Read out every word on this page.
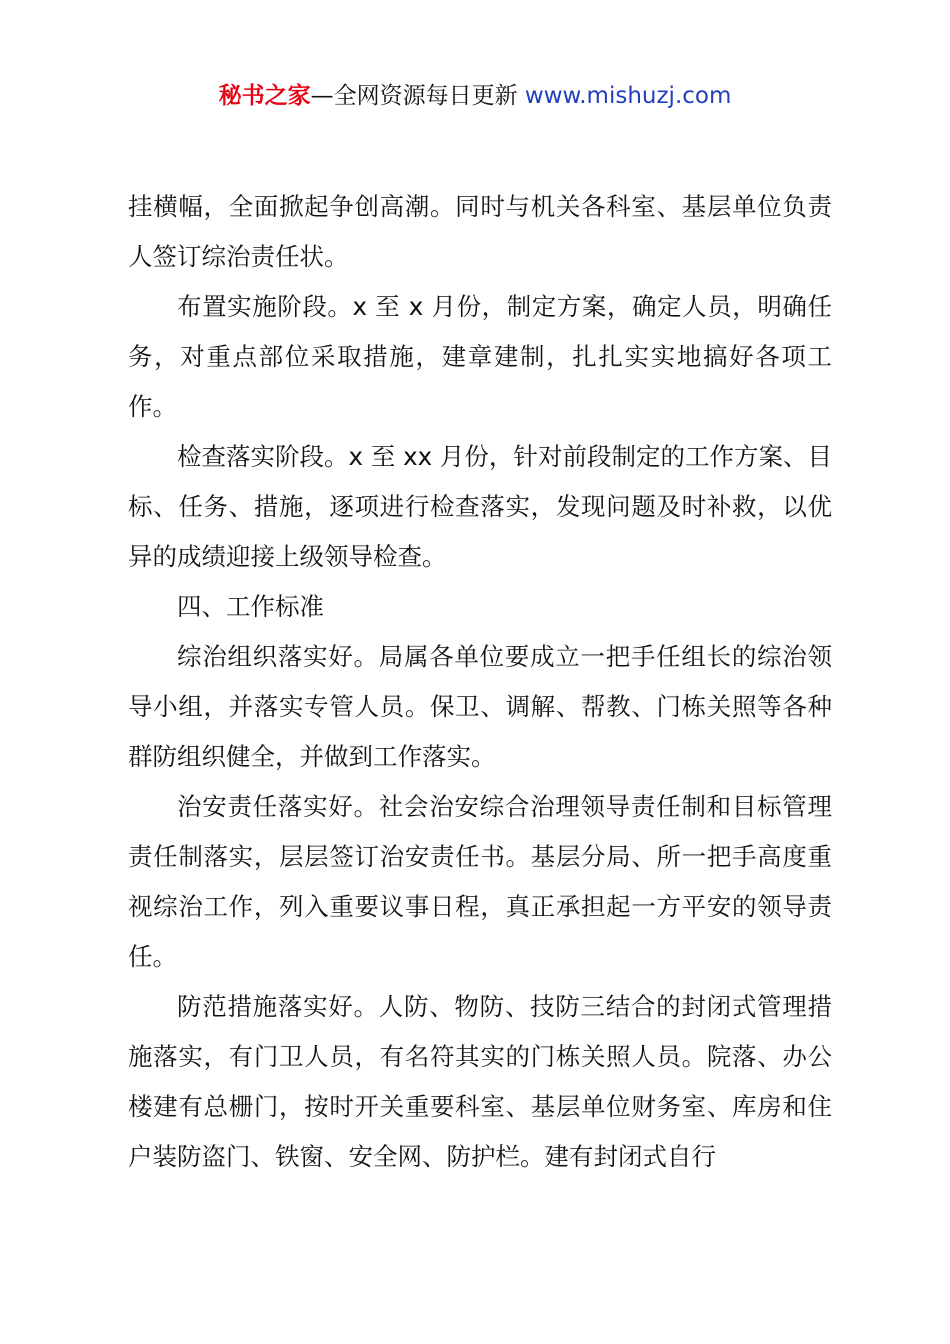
秘书之家—全网资源每日更新 www.mishuzj.com

挂横幅，全面掀起争创高潮。同时与机关各科室、基层单位负责人签订综治责任状。

布置实施阶段。x 至 x 月份，制定方案，确定人员，明确任务，对重点部位采取措施，建章建制，扎扎实实地搞好各项工作。

检查落实阶段。x 至 xx 月份，针对前段制定的工作方案、目标、任务、措施，逐项进行检查落实，发现问题及时补救，以优异的成绩迎接上级领导检查。

四、工作标准

综治组织落实好。局属各单位要成立一把手任组长的综治领导小组，并落实专管人员。保卫、调解、帮教、门栋关照等各种群防组织健全，并做到工作落实。

治安责任落实好。社会治安综合治理领导责任制和目标管理责任制落实，层层签订治安责任书。基层分局、所一把手高度重视综治工作，列入重要议事日程，真正承担起一方平安的领导责任。

防范措施落实好。人防、物防、技防三结合的封闭式管理措施落实，有门卫人员，有名符其实的门栋关照人员。院落、办公楼建有总栅门，按时开关重要科室、基层单位财务室、库房和住户装防盗门、铁窗、安全网、防护栏。建有封闭式自行
